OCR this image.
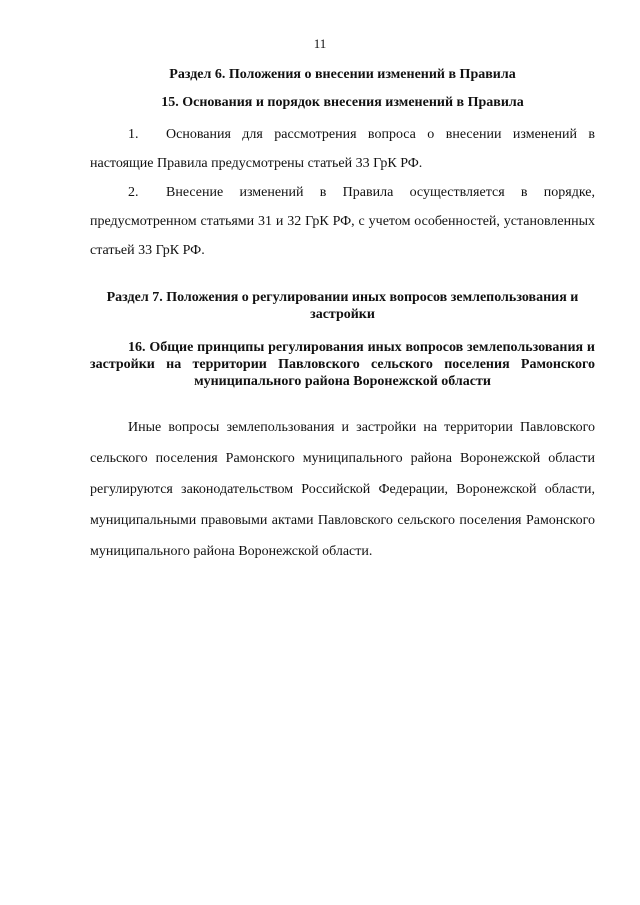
11

Раздел 6. Положения о внесении изменений в Правила

15. Основания и порядок внесения изменений в Правила

1. Основания для рассмотрения вопроса о внесении изменений в настоящие Правила предусмотрены статьей 33 ГрК РФ.

2. Внесение изменений в Правила осуществляется в порядке, предусмотренном статьями 31 и 32 ГрК РФ, с учетом особенностей, установленных статьей 33 ГрК РФ.

Раздел 7. Положения о регулировании иных вопросов землепользования и застройки

16. Общие принципы регулирования иных вопросов землепользования и застройки на территории Павловского сельского поселения Рамонского муниципального района Воронежской области

Иные вопросы землепользования и застройки на территории Павловского сельского поселения Рамонского муниципального района Воронежской области регулируются законодательством Российской Федерации, Воронежской области, муниципальными правовыми актами Павловского сельского поселения Рамонского муниципального района Воронежской области.
